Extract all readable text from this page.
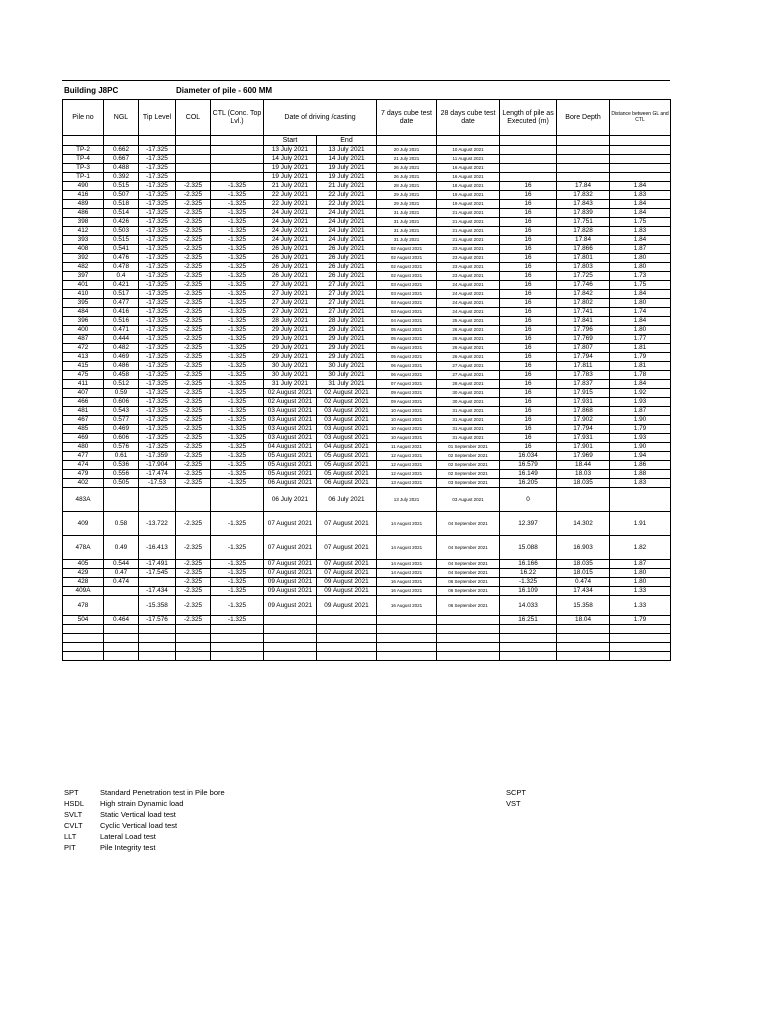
Building J8PC	Diameter of pile - 600 MM
Pile no	NGL	Tip Level	COL	CTL (Conc. Top Lvl.)	Date of driving /casting		7 days cube test date	28 days cube test date	Length of pile as Executed (m)	Bore Depth	Distance between GL and CTL
					Start	End					
TP-2	0.662	-17.325			13 July 2021	13 July 2021	20 July 2021	10 August 2021			
TP-4	0.667	-17.325			14 July 2021	14 July 2021	21 July 2021	11 August 2021			
TP-3	0.488	-17.325			19 July 2021	19 July 2021	26 July 2021	16 August 2021			
TP-1	0.392	-17.325			19 July 2021	19 July 2021	26 July 2021	16 August 2021			
490	0.515	-17.325	-2.325	-1.325	21 July 2021	21 July 2021	28 July 2021	18 August 2021	16	17.84	1.84
416	0.507	-17.325	-2.325	-1.325	22 July 2021	22 July 2021	29 July 2021	19 August 2021	16	17.832	1.83
489	0.518	-17.325	-2.325	-1.325	22 July 2021	22 July 2021	29 July 2021	19 August 2021	16	17.843	1.84
486	0.514	-17.325	-2.325	-1.325	24 July 2021	24 July 2021	31 July 2021	21 August 2021	16	17.839	1.84
398	0.426	-17.325	-2.325	-1.325	24 July 2021	24 July 2021	31 July 2021	21 August 2021	16	17.751	1.75
412	0.503	-17.325	-2.325	-1.325	24 July 2021	24 July 2021	31 July 2021	21 August 2021	16	17.828	1.83
393	0.515	-17.325	-2.325	-1.325	24 July 2021	24 July 2021	31 July 2021	21 August 2021	16	17.84	1.84
408	0.541	-17.325	-2.325	-1.325	26 July 2021	26 July 2021	02 August 2021	23 August 2021	16	17.866	1.87
392	0.476	-17.325	-2.325	-1.325	26 July 2021	26 July 2021	02 August 2021	23 August 2021	16	17.801	1.80
482	0.478	-17.325	-2.325	-1.325	26 July 2021	26 July 2021	02 August 2021	23 August 2021	16	17.803	1.80
397	0.4	-17.325	-2.325	-1.325	26 July 2021	26 July 2021	02 August 2021	23 August 2021	16	17.725	1.73
401	0.421	-17.325	-2.325	-1.325	27 July 2021	27 July 2021	03 August 2021	24 August 2021	16	17.746	1.75
410	0.517	-17.325	-2.325	-1.325	27 July 2021	27 July 2021	03 August 2021	24 August 2021	16	17.842	1.84
395	0.477	-17.325	-2.325	-1.325	27 July 2021	27 July 2021	03 August 2021	24 August 2021	16	17.802	1.80
484	0.416	-17.325	-2.325	-1.325	27 July 2021	27 July 2021	03 August 2021	24 August 2021	16	17.741	1.74
396	0.516	-17.325	-2.325	-1.325	28 July 2021	28 July 2021	04 August 2021	25 August 2021	16	17.841	1.84
400	0.471	-17.325	-2.325	-1.325	29 July 2021	29 July 2021	05 August 2021	26 August 2021	16	17.796	1.80
487	0.444	-17.325	-2.325	-1.325	29 July 2021	29 July 2021	05 August 2021	26 August 2021	16	17.769	1.77
472	0.482	-17.325	-2.325	-1.325	29 July 2021	29 July 2021	05 August 2021	26 August 2021	16	17.807	1.81
413	0.469	-17.325	-2.325	-1.325	29 July 2021	29 July 2021	05 August 2021	26 August 2021	16	17.794	1.79
415	0.486	-17.325	-2.325	-1.325	30 July 2021	30 July 2021	06 August 2021	27 August 2021	16	17.811	1.81
475	0.458	-17.325	-2.325	-1.325	30 July 2021	30 July 2021	06 August 2021	27 August 2021	16	17.783	1.78
411	0.512	-17.325	-2.325	-1.325	31 July 2021	31 July 2021	07 August 2021	28 August 2021	16	17.837	1.84
407	0.59	-17.325	-2.325	-1.325	02 August 2021	02 August 2021	09 August 2021	30 August 2021	16	17.915	1.92
466	0.606	-17.325	-2.325	-1.325	02 August 2021	02 August 2021	09 August 2021	30 August 2021	16	17.931	1.93
481	0.543	-17.325	-2.325	-1.325	03 August 2021	03 August 2021	10 August 2021	31 August 2021	16	17.868	1.87
467	0.577	-17.325	-2.325	-1.325	03 August 2021	03 August 2021	10 August 2021	31 August 2021	16	17.902	1.90
485	0.469	-17.325	-2.325	-1.325	03 August 2021	03 August 2021	10 August 2021	31 August 2021	16	17.794	1.79
469	0.606	-17.325	-2.325	-1.325	03 August 2021	03 August 2021	10 August 2021	31 August 2021	16	17.931	1.93
480	0.576	-17.325	-2.325	-1.325	04 August 2021	04 August 2021	11 August 2021	01 September 2021	16	17.901	1.90
477	0.61	-17.359	-2.325	-1.325	05 August 2021	05 August 2021	12 August 2021	02 September 2021	16.034	17.969	1.94
474	0.536	-17.904	-2.325	-1.325	05 August 2021	05 August 2021	12 August 2021	02 September 2021	16.579	18.44	1.86
479	0.556	-17.474	-2.325	-1.325	05 August 2021	05 August 2021	12 August 2021	02 September 2021	16.149	18.03	1.88
402	0.505	-17.53	-2.325	-1.325	06 August 2021	06 August 2021	13 August 2021	03 September 2021	16.205	18.035	1.83
483A					06 July 2021	06 July 2021	13 July 2021	03 August 2021	0		
409	0.58	-13.722	-2.325	-1.325	07 August 2021	07 August 2021	14 August 2021	04 September 2021	12.397	14.302	1.91
478A	0.49	-16.413	-2.325	-1.325	07 August 2021	07 August 2021	14 August 2021	04 September 2021	15.088	16.903	1.82
405	0.544	-17.491	-2.325	-1.325	07 August 2021	07 August 2021	14 August 2021	04 September 2021	16.166	18.035	1.87
429	0.47	-17.545	-2.325	-1.325	07 August 2021	07 August 2021	14 August 2021	04 September 2021	16.22	18.015	1.80
428	0.474		-2.325	-1.325	09 August 2021	09 August 2021	16 August 2021	06 September 2021	-1.325	0.474	1.80
409A		-17.434	-2.325	-1.325	09 August 2021	09 August 2021	16 August 2021	06 September 2021	16.109	17.434	1.33
478		-15.358	-2.325	-1.325	09 August 2021	09 August 2021	16 August 2021	06 September 2021	14.033	15.358	1.33
504	0.464	-17.576	-2.325	-1.325					16.251	18.04	1.79

SPT	Standard Penetration test in Pile bore
HSDL	High strain Dynamic load
SVLT	Static Vertical load test
CVLT	Cyclic Vertical load test
LLT	Lateral Load test
PIT	Pile Integrity test
SCPT
VST
